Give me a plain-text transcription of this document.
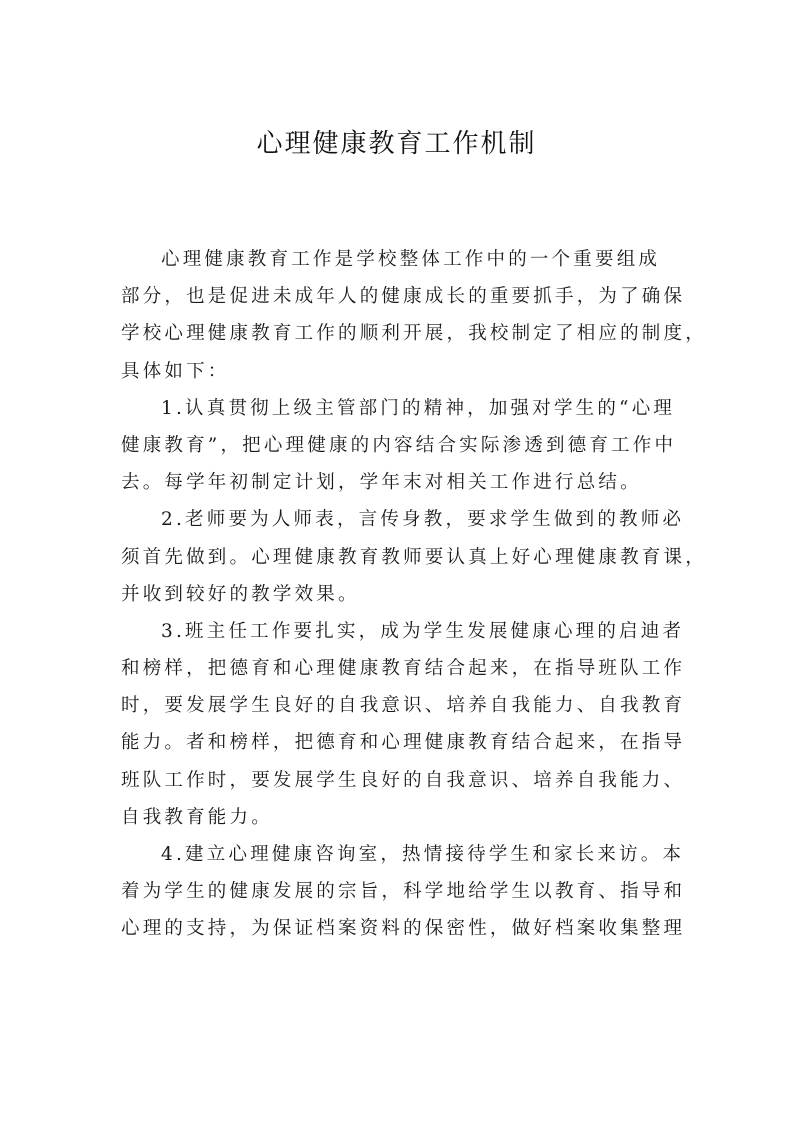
心理健康教育工作机制

心理健康教育工作是学校整体工作中的一个重要组成
部分，也是促进未成年人的健康成长的重要抓手，为了确保
学校心理健康教育工作的顺利开展，我校制定了相应的制度，
具体如下：

1.认真贯彻上级主管部门的精神，加强对学生的“心理
健康教育”，把心理健康的内容结合实际渗透到德育工作中
去。每学年初制定计划，学年末对相关工作进行总结。

2.老师要为人师表，言传身教，要求学生做到的教师必
须首先做到。心理健康教育教师要认真上好心理健康教育课，
并收到较好的教学效果。

3.班主任工作要扎实，成为学生发展健康心理的启迪者
和榜样，把德育和心理健康教育结合起来，在指导班队工作
时，要发展学生良好的自我意识、培养自我能力、自我教育
能力。者和榜样，把德育和心理健康教育结合起来，在指导
班队工作时，要发展学生良好的自我意识、培养自我能力、
自我教育能力。

4.建立心理健康咨询室，热情接待学生和家长来访。本
着为学生的健康发展的宗旨，科学地给学生以教育、指导和
心理的支持，为保证档案资料的保密性，做好档案收集整理
